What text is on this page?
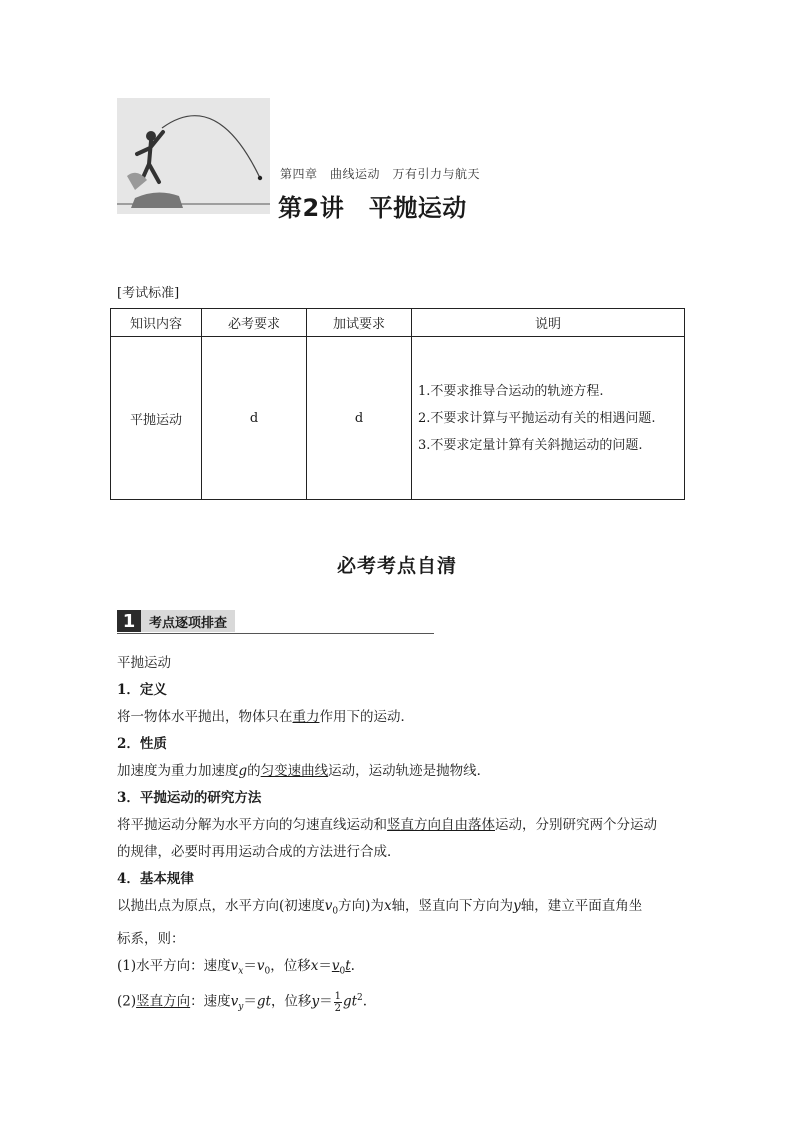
第四章　曲线运动　万有引力与航天
第2讲　平抛运动
[考试标准]
知识内容	必考要求	加试要求	说明
平抛运动	d	d	1.不要求推导合运动的轨迹方程.
2.不要求计算与平抛运动有关的相遇问题.
3.不要求定量计算有关斜抛运动的问题.
必考考点自清
1	考点逐项排查

平抛运动

1．定义

将一物体水平抛出，物体只在重力作用下的运动．

2．性质

加速度为重力加速度g的匀变速曲线运动，运动轨迹是抛物线．

3．平抛运动的研究方法

将平抛运动分解为水平方向的匀速直线运动和竖直方向自由落体运动，分别研究两个分运动

的规律，必要时再用运动合成的方法进行合成．

4．基本规律

以抛出点为原点，水平方向(初速度$v_0$方向)为x轴，竖直向下方向为y轴，建立平面直角坐

标系，则：

(1)水平方向：速度$v_x=v_0$，位移$x=v_0t$.

(2)竖直方向：速度$v_y=gt$，位移$y= \frac{1}{2} gt^2$.
